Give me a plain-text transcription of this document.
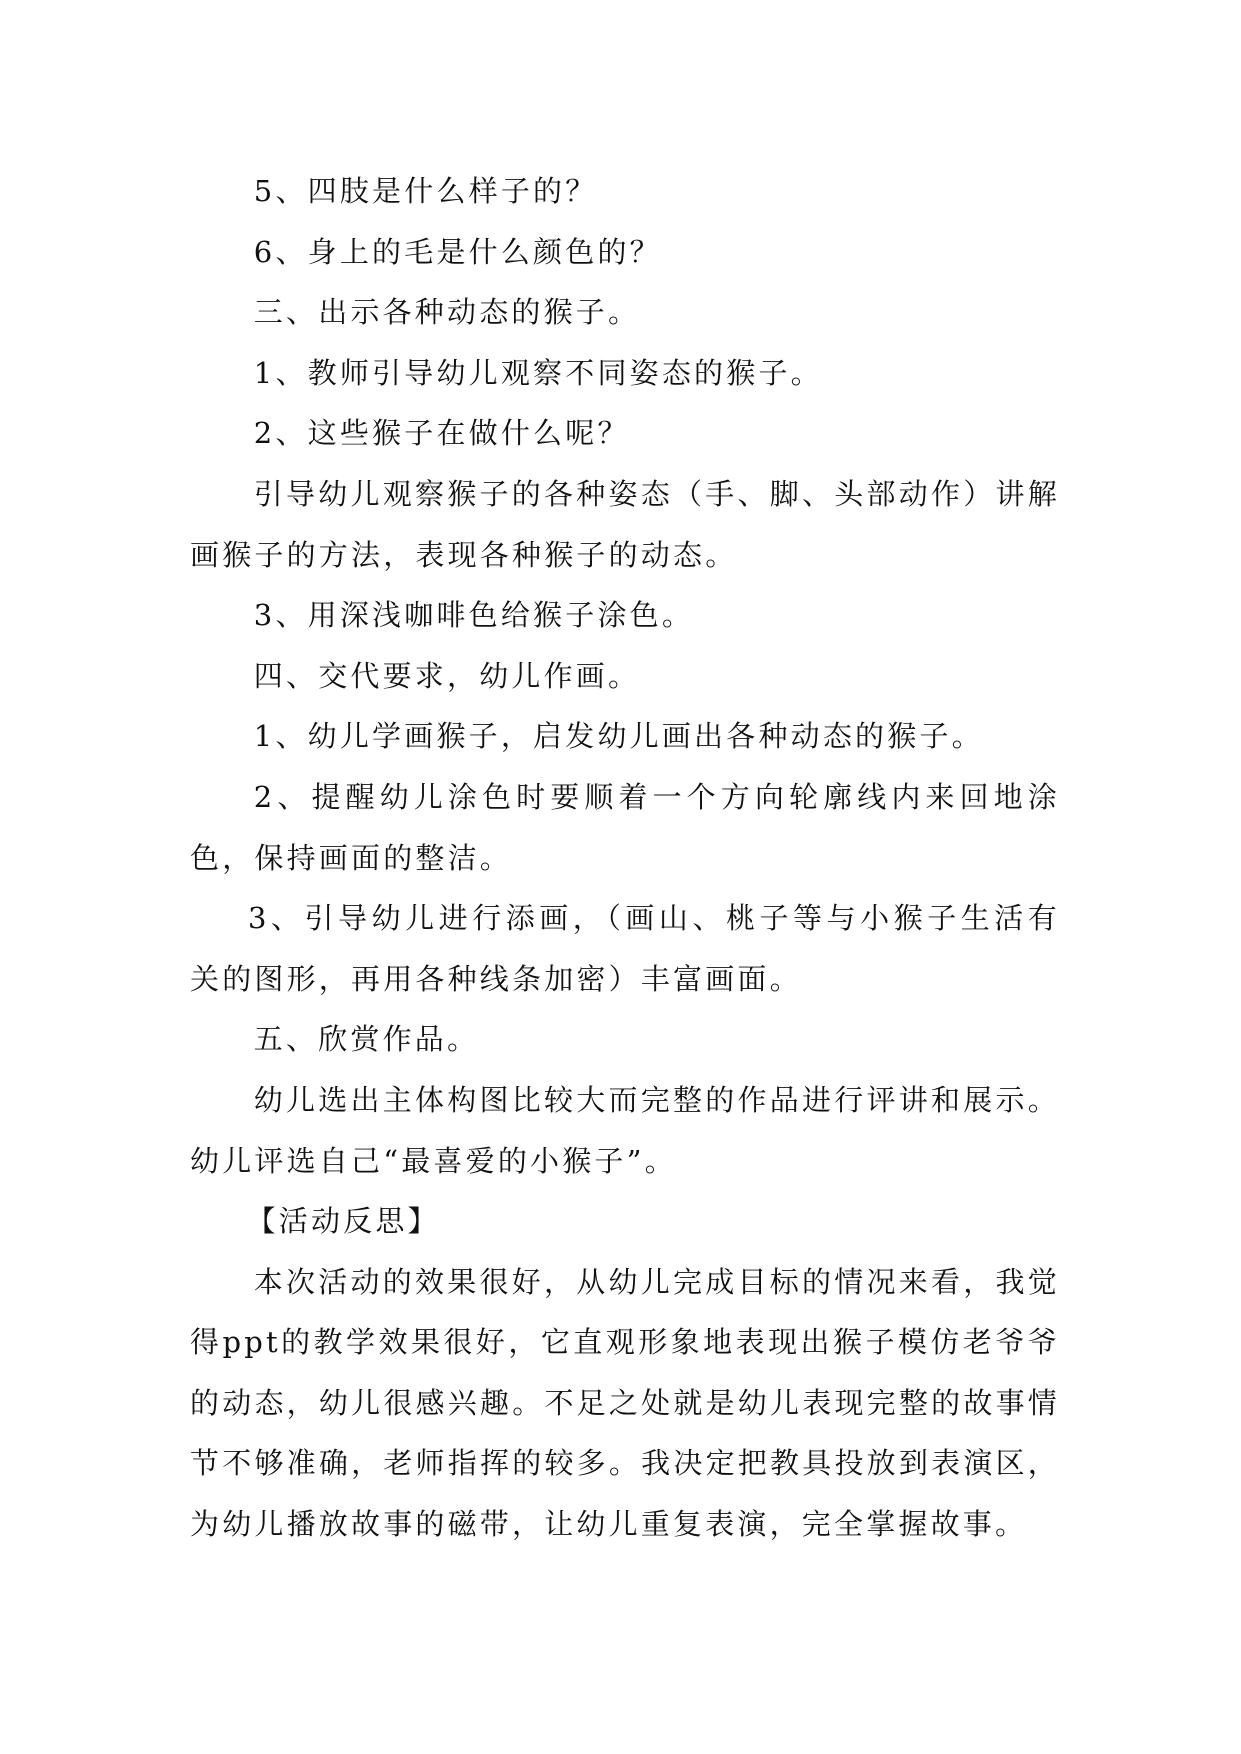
5、四肢是什么样子的？

6、身上的毛是什么颜色的？

三、出示各种动态的猴子。

1、教师引导幼儿观察不同姿态的猴子。

2、这些猴子在做什么呢？

引导幼儿观察猴子的各种姿态（手、脚、头部动作）讲解画猴子的方法，表现各种猴子的动态。

3、用深浅咖啡色给猴子涂色。

四、交代要求，幼儿作画。

1、幼儿学画猴子，启发幼儿画出各种动态的猴子。

2、提醒幼儿涂色时要顺着一个方向轮廓线内来回地涂色，保持画面的整洁。

3、引导幼儿进行添画，（画山、桃子等与小猴子生活有关的图形，再用各种线条加密）丰富画面。

五、欣赏作品。

幼儿选出主体构图比较大而完整的作品进行评讲和展示。幼儿评选自己“最喜爱的小猴子”。

【活动反思】

本次活动的效果很好，从幼儿完成目标的情况来看，我觉得ppt的教学效果很好，它直观形象地表现出猴子模仿老爷爷的动态，幼儿很感兴趣。不足之处就是幼儿表现完整的故事情节不够准确，老师指挥的较多。我决定把教具投放到表演区，为幼儿播放故事的磁带，让幼儿重复表演，完全掌握故事。
